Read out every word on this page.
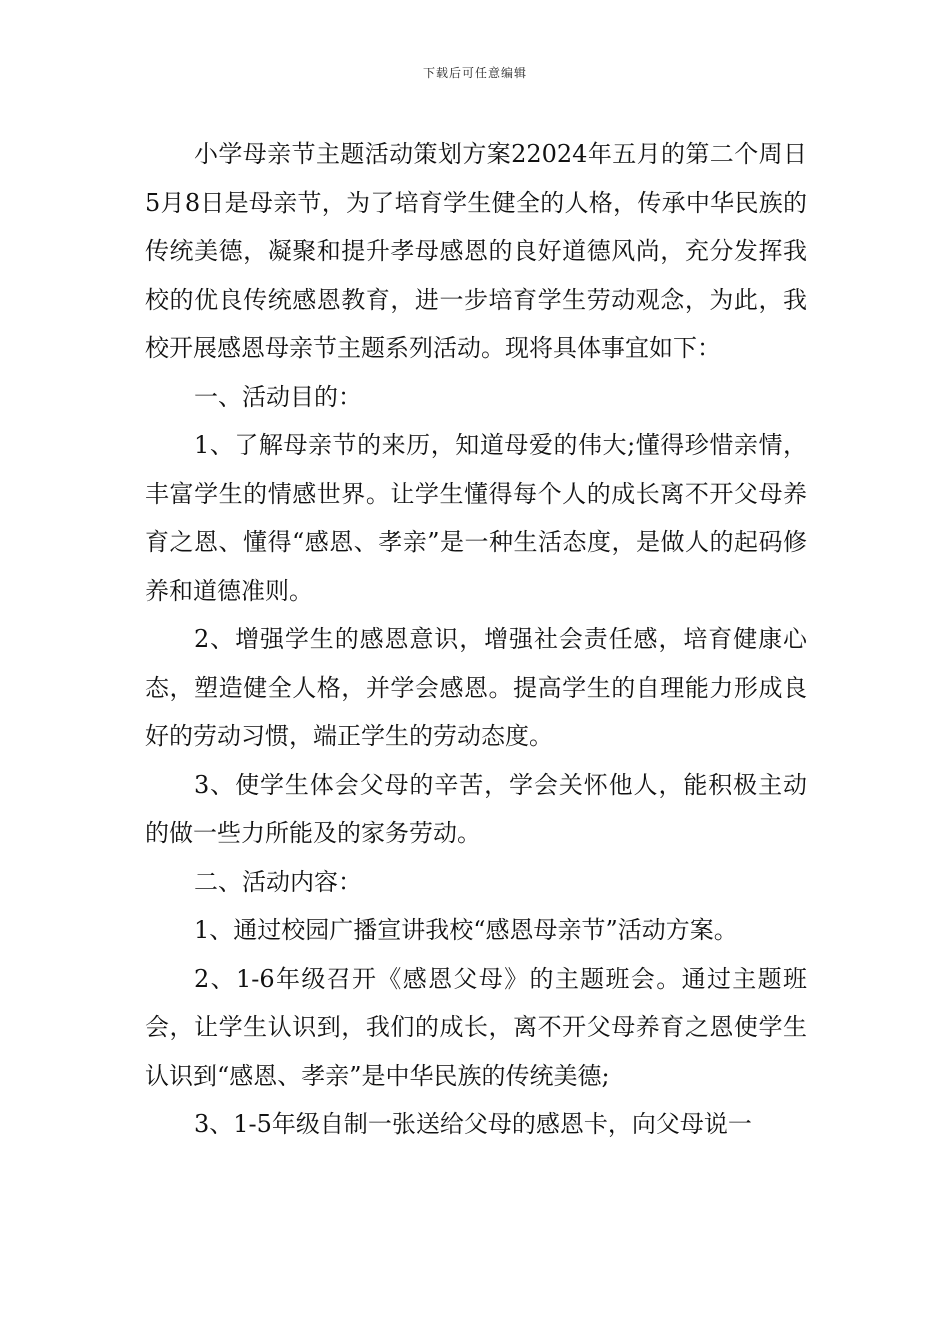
下载后可任意编辑

小学母亲节主题活动策划方案22024年五月的第二个周日5月8日是母亲节，为了培育学生健全的人格，传承中华民族的传统美德，凝聚和提升孝母感恩的良好道德风尚，充分发挥我校的优良传统感恩教育，进一步培育学生劳动观念，为此，我校开展感恩母亲节主题系列活动。现将具体事宜如下：

一、活动目的：

1、了解母亲节的来历，知道母爱的伟大;懂得珍惜亲情，丰富学生的情感世界。让学生懂得每个人的成长离不开父母养育之恩、懂得“感恩、孝亲”是一种生活态度，是做人的起码修养和道德准则。

2、增强学生的感恩意识，增强社会责任感，培育健康心态，塑造健全人格，并学会感恩。提高学生的自理能力形成良好的劳动习惯，端正学生的劳动态度。

3、使学生体会父母的辛苦，学会关怀他人，能积极主动的做一些力所能及的家务劳动。

二、活动内容：

1、通过校园广播宣讲我校“感恩母亲节”活动方案。

2、1-6年级召开《感恩父母》的主题班会。通过主题班会，让学生认识到，我们的成长，离不开父母养育之恩使学生认识到“感恩、孝亲”是中华民族的传统美德;

3、1-5年级自制一张送给父母的感恩卡，向父母说一
